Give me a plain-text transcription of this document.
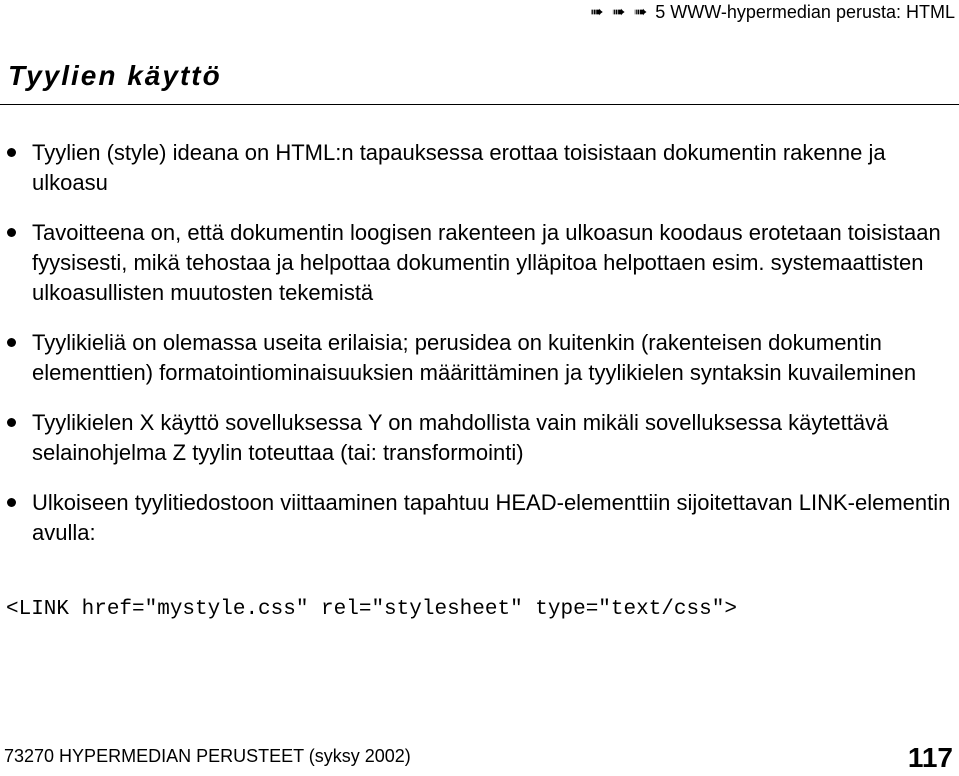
➠ ➠ ➠ 5 WWW-hypermedian perusta: HTML
Tyylien käyttö
Tyylien (style) ideana on HTML:n tapauksessa erottaa toisistaan dokumentin rakenne ja ulkoasu
Tavoitteena on, että dokumentin loogisen rakenteen ja ulkoasun koodaus erotetaan toisistaan fyysisesti, mikä tehostaa ja helpottaa dokumentin ylläpitoa helpottaen esim. systemaattisten ulkoasullisten muutosten tekemistä
Tyylikieliä on olemassa useita erilaisia; perusidea on kuitenkin (rakenteisen dokumentin elementtien) formatointiominaisuuksien määrittäminen ja tyylikielen syntaksin kuvaileminen
Tyylikielen X käyttö sovelluksessa Y on mahdollista vain mikäli sovelluksessa käytettävä selainohjelma Z tyylin toteuttaa (tai: transformointi)
Ulkoiseen tyylitiedostoon viittaaminen tapahtuu HEAD-elementtiin sijoitettavan LINK-elementin avulla:
<LINK href="mystyle.css" rel="stylesheet" type="text/css">
73270 HYPERMEDIAN PERUSTEET (syksy 2002)	117
